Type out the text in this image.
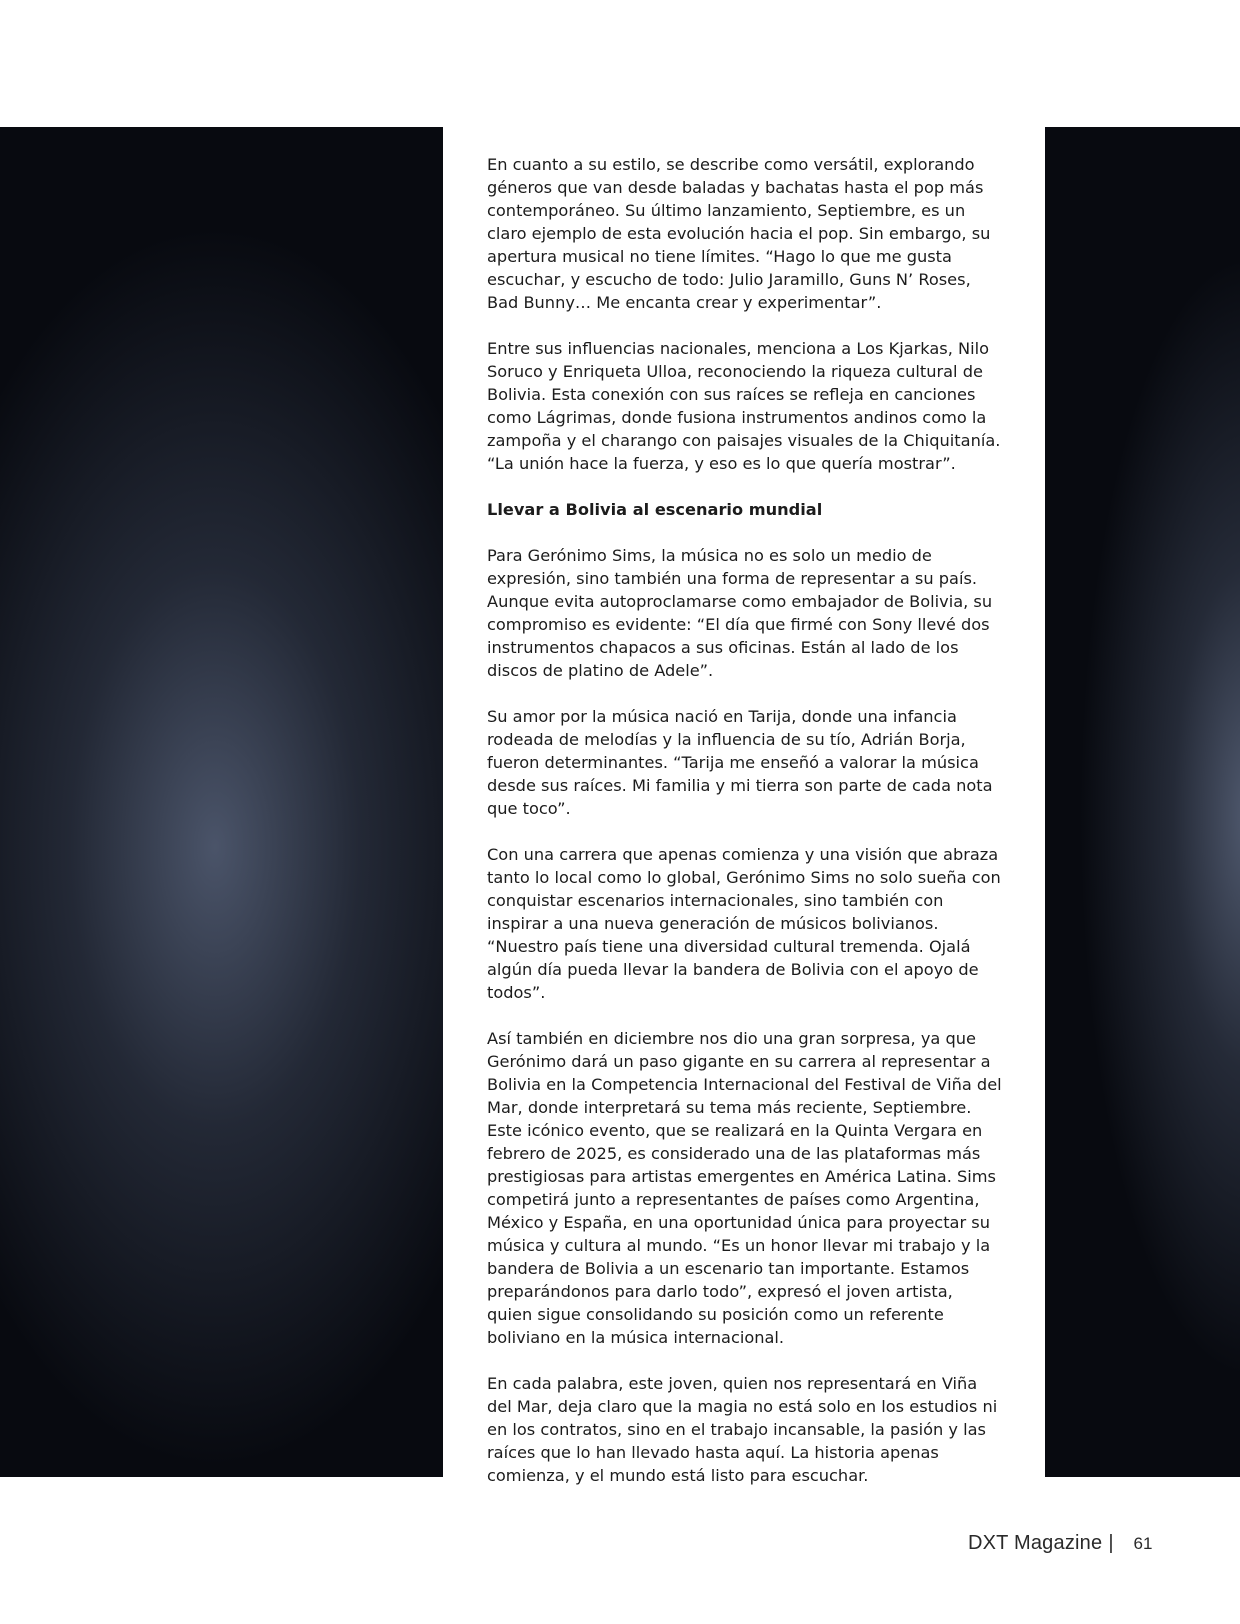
En cuanto a su estilo, se describe como versátil, explorando géneros que van desde baladas y bachatas hasta el pop más contemporáneo. Su último lanzamiento, Septiembre, es un claro ejemplo de esta evolución hacia el pop. Sin embargo, su apertura musical no tiene límites. “Hago lo que me gusta escuchar, y escucho de todo: Julio Jaramillo, Guns N’ Roses, Bad Bunny… Me encanta crear y experimentar”.

Entre sus influencias nacionales, menciona a Los Kjarkas, Nilo Soruco y Enriqueta Ulloa, reconociendo la riqueza cultural de Bolivia. Esta conexión con sus raíces se refleja en canciones como Lágrimas, donde fusiona instrumentos andinos como la zampoña y el charango con paisajes visuales de la Chiquitanía. “La unión hace la fuerza, y eso es lo que quería mostrar”.

Llevar a Bolivia al escenario mundial

Para Gerónimo Sims, la música no es solo un medio de expresión, sino también una forma de representar a su país. Aunque evita autoproclamarse como embajador de Bolivia, su compromiso es evidente: “El día que firmé con Sony llevé dos instrumentos chapacos a sus oficinas. Están al lado de los discos de platino de Adele”.

Su amor por la música nació en Tarija, donde una infancia rodeada de melodías y la influencia de su tío, Adrián Borja, fueron determinantes. “Tarija me enseñó a valorar la música desde sus raíces. Mi familia y mi tierra son parte de cada nota que toco”.

Con una carrera que apenas comienza y una visión que abraza tanto lo local como lo global, Gerónimo Sims no solo sueña con conquistar escenarios internacionales, sino también con inspirar a una nueva generación de músicos bolivianos. “Nuestro país tiene una diversidad cultural tremenda. Ojalá algún día pueda llevar la bandera de Bolivia con el apoyo de todos”.

Así también en diciembre nos dio una gran sorpresa, ya que Gerónimo dará un paso gigante en su carrera al representar a Bolivia en la Competencia Internacional del Festival de Viña del Mar, donde interpretará su tema más reciente, Septiembre. Este icónico evento, que se realizará en la Quinta Vergara en febrero de 2025, es considerado una de las plataformas más prestigiosas para artistas emergentes en América Latina. Sims competirá junto a representantes de países como Argentina, México y España, en una oportunidad única para proyectar su música y cultura al mundo. “Es un honor llevar mi trabajo y la bandera de Bolivia a un escenario tan importante. Estamos preparándonos para darlo todo”, expresó el joven artista, quien sigue consolidando su posición como un referente boliviano en la música internacional.

En cada palabra, este joven, quien nos representará en Viña del Mar, deja claro que la magia no está solo en los estudios ni en los contratos, sino en el trabajo incansable, la pasión y las raíces que lo han llevado hasta aquí. La historia apenas comienza, y el mundo está listo para escuchar.

DXT Magazine | 61
